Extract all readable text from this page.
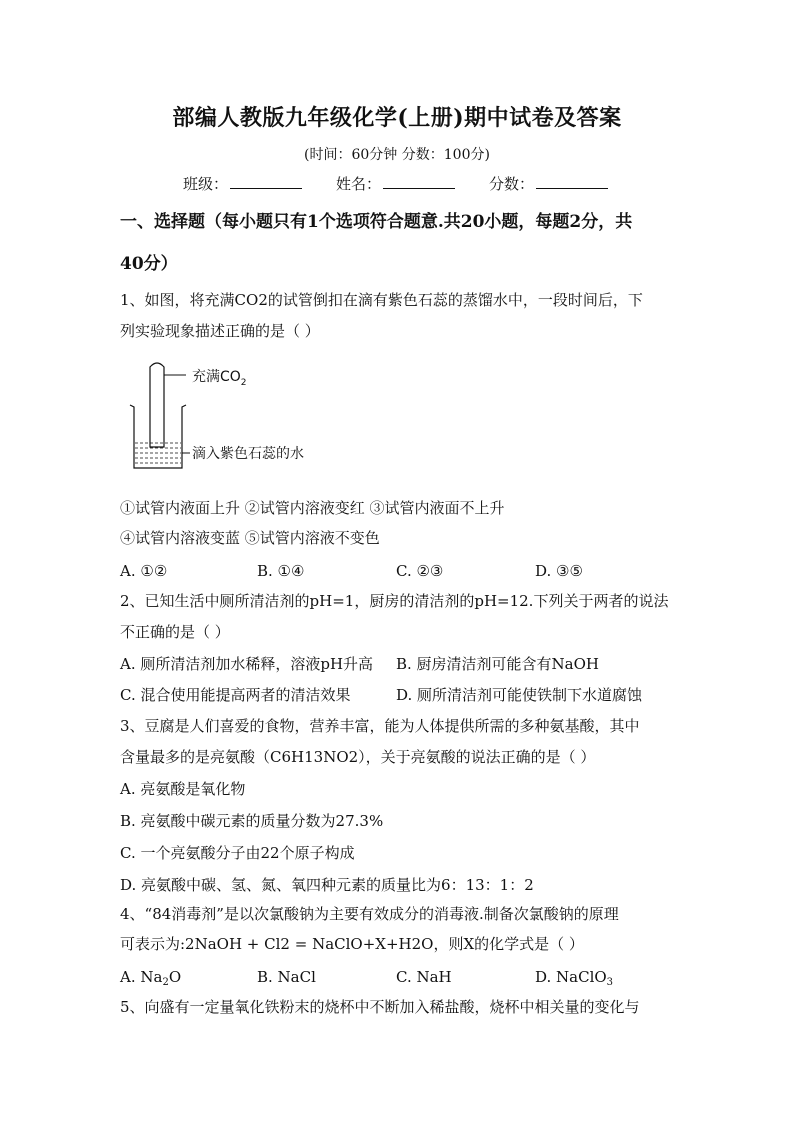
部编人教版九年级化学(上册)期中试卷及答案
(时间：60分钟 分数：100分)
班级：	姓名：	分数：
一、选择题（每小题只有1个选项符合题意.共20小题，每题2分，共
40分）
1、如图，将充满CO2的试管倒扣在滴有紫色石蕊的蒸馏水中，一段时间后，下
列实验现象描述正确的是（ ）
充满$CO_2$
滴入紫色石蕊的水
①试管内液面上升 ②试管内溶液变红 ③试管内液面不上升
④试管内溶液变蓝 ⑤试管内溶液不变色
A. ①②	B. ①④	C. ②③	D. ③⑤
2、已知生活中厕所清洁剂的pH=1，厨房的清洁剂的pH=12.下列关于两者的说法
不正确的是（ ）
A. 厕所清洁剂加水稀释，溶液pH升高 B. 厨房清洁剂可能含有NaOH
C. 混合使用能提高两者的清洁效果	D. 厕所清洁剂可能使铁制下水道腐蚀
3、豆腐是人们喜爱的食物，营养丰富，能为人体提供所需的多种氨基酸，其中
含量最多的是亮氨酸（C6H13NO2），关于亮氨酸的说法正确的是（ ）
A. 亮氨酸是氧化物
B. 亮氨酸中碳元素的质量分数为27.3%
C. 一个亮氨酸分子由22个原子构成
D. 亮氨酸中碳、氢、氮、氧四种元素的质量比为6：13：1：2
4、“84消毒剂”是以次氯酸钠为主要有效成分的消毒液.制备次氯酸钠的原理
可表示为:2NaOH + Cl2 = NaClO+X+H2O，则X的化学式是（ ）
A. $Na_2O$	B. NaCl	C. NaH	D. NaClO$_3$
5、向盛有一定量氧化铁粉末的烧杯中不断加入稀盐酸，烧杯中相关量的变化与
